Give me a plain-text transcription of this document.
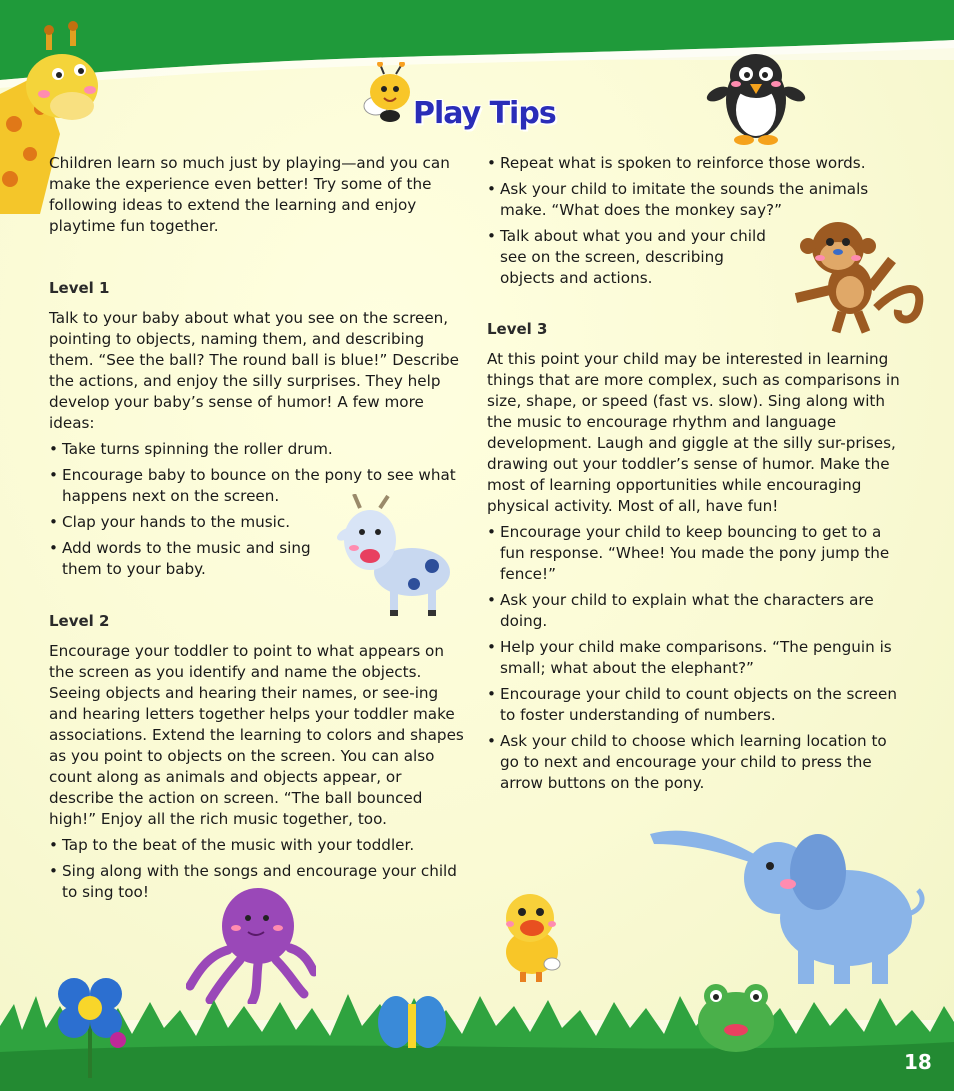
Play Tips

Children learn so much just by playing—and you can make the experience even better! Try some of the following ideas to extend the learning and enjoy playtime fun together.

Level 1

Talk to your baby about what you see on the screen, pointing to objects, naming them, and describing them. “See the ball? The round ball is blue!” Describe the actions, and enjoy the silly surprises. They help develop your baby’s sense of humor! A few more ideas:

• Take turns spinning the roller drum.
• Encourage baby to bounce on the pony to see what happens next on the screen.
• Clap your hands to the music.
• Add words to the music and sing them to your baby.

Level 2

Encourage your toddler to point to what appears on the screen as you identify and name the objects. Seeing objects and hearing their names, or see-ing and hearing letters together helps your toddler make associations. Extend the learning to colors and shapes as you point to objects on the screen. You can also count along as animals and objects appear, or describe the action on screen. “The ball bounced high!” Enjoy all the rich music together, too.

• Tap to the beat of the music with your toddler.
• Sing along with the songs and encourage your child to sing too!
• Repeat what is spoken to reinforce those words.
• Ask your child to imitate the sounds the animals make. “What does the monkey say?”
• Talk about what you and your child see on the screen, describing objects and actions.

Level 3

At this point your child may be interested in learning things that are more complex, such as comparisons in size, shape, or speed (fast vs. slow). Sing along with the music to encourage rhythm and language development. Laugh and giggle at the silly sur-prises, drawing out your toddler’s sense of humor. Make the most of learning opportunities while encouraging physical activity. Most of all, have fun!

• Encourage your child to keep bouncing to get to a fun response. “Whee! You made the pony jump the fence!”
• Ask your child to explain what the characters are doing.
• Help your child make comparisons. “The penguin is small; what about the elephant?”
• Encourage your child to count objects on the screen to foster understanding of numbers.
• Ask your child to choose which learning location to go to next and encourage your child to press the arrow buttons on the pony.
18
